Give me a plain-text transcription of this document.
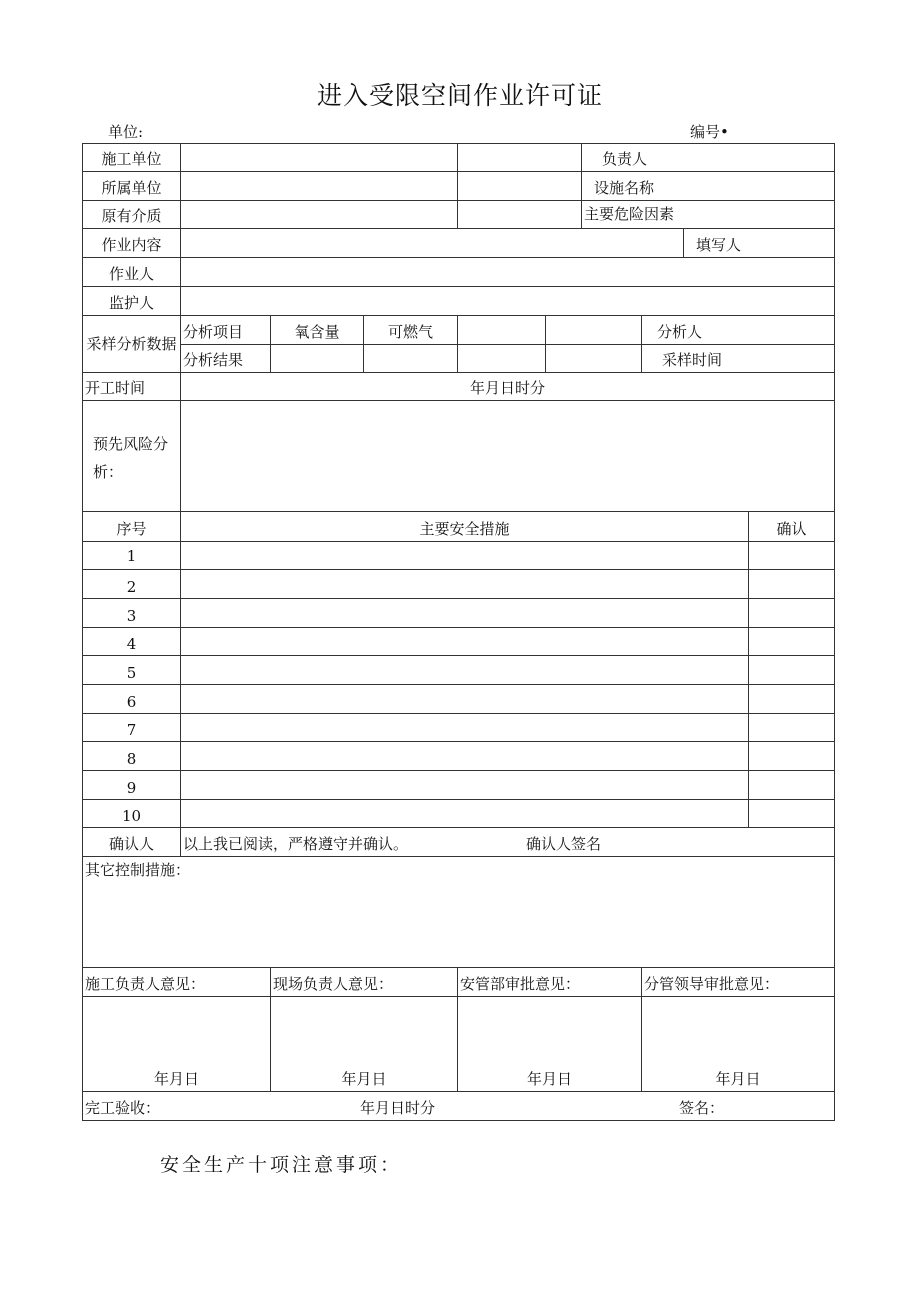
进入受限空间作业许可证
单位:	编号•
施工单位						负责人			
所属单位						设施名称			
原有介质						主要危险因素			
作业内容								填写人	
作业人									
监护人									
采样分析数据	分析项目	氧含量	可燃气				分析人		
	分析结果						采样时间		
开工时间	年月日时分								
预先风险分析：									
序号	主要安全措施								确认
1									
2									
3									
4									
5									
6									
7									
8									
9									
10									
确认人	以上我已阅读，严格遵守并确认。 确认人签名								

其它控制措施：									
施工负责人意见：		现场负责人意见：		安管部审批意见：			分管领导审批意见：		
年月日		年月日		年月日			年月日		
完工验收： 年月日时分 签名：									
安全生产十项注意事项：
